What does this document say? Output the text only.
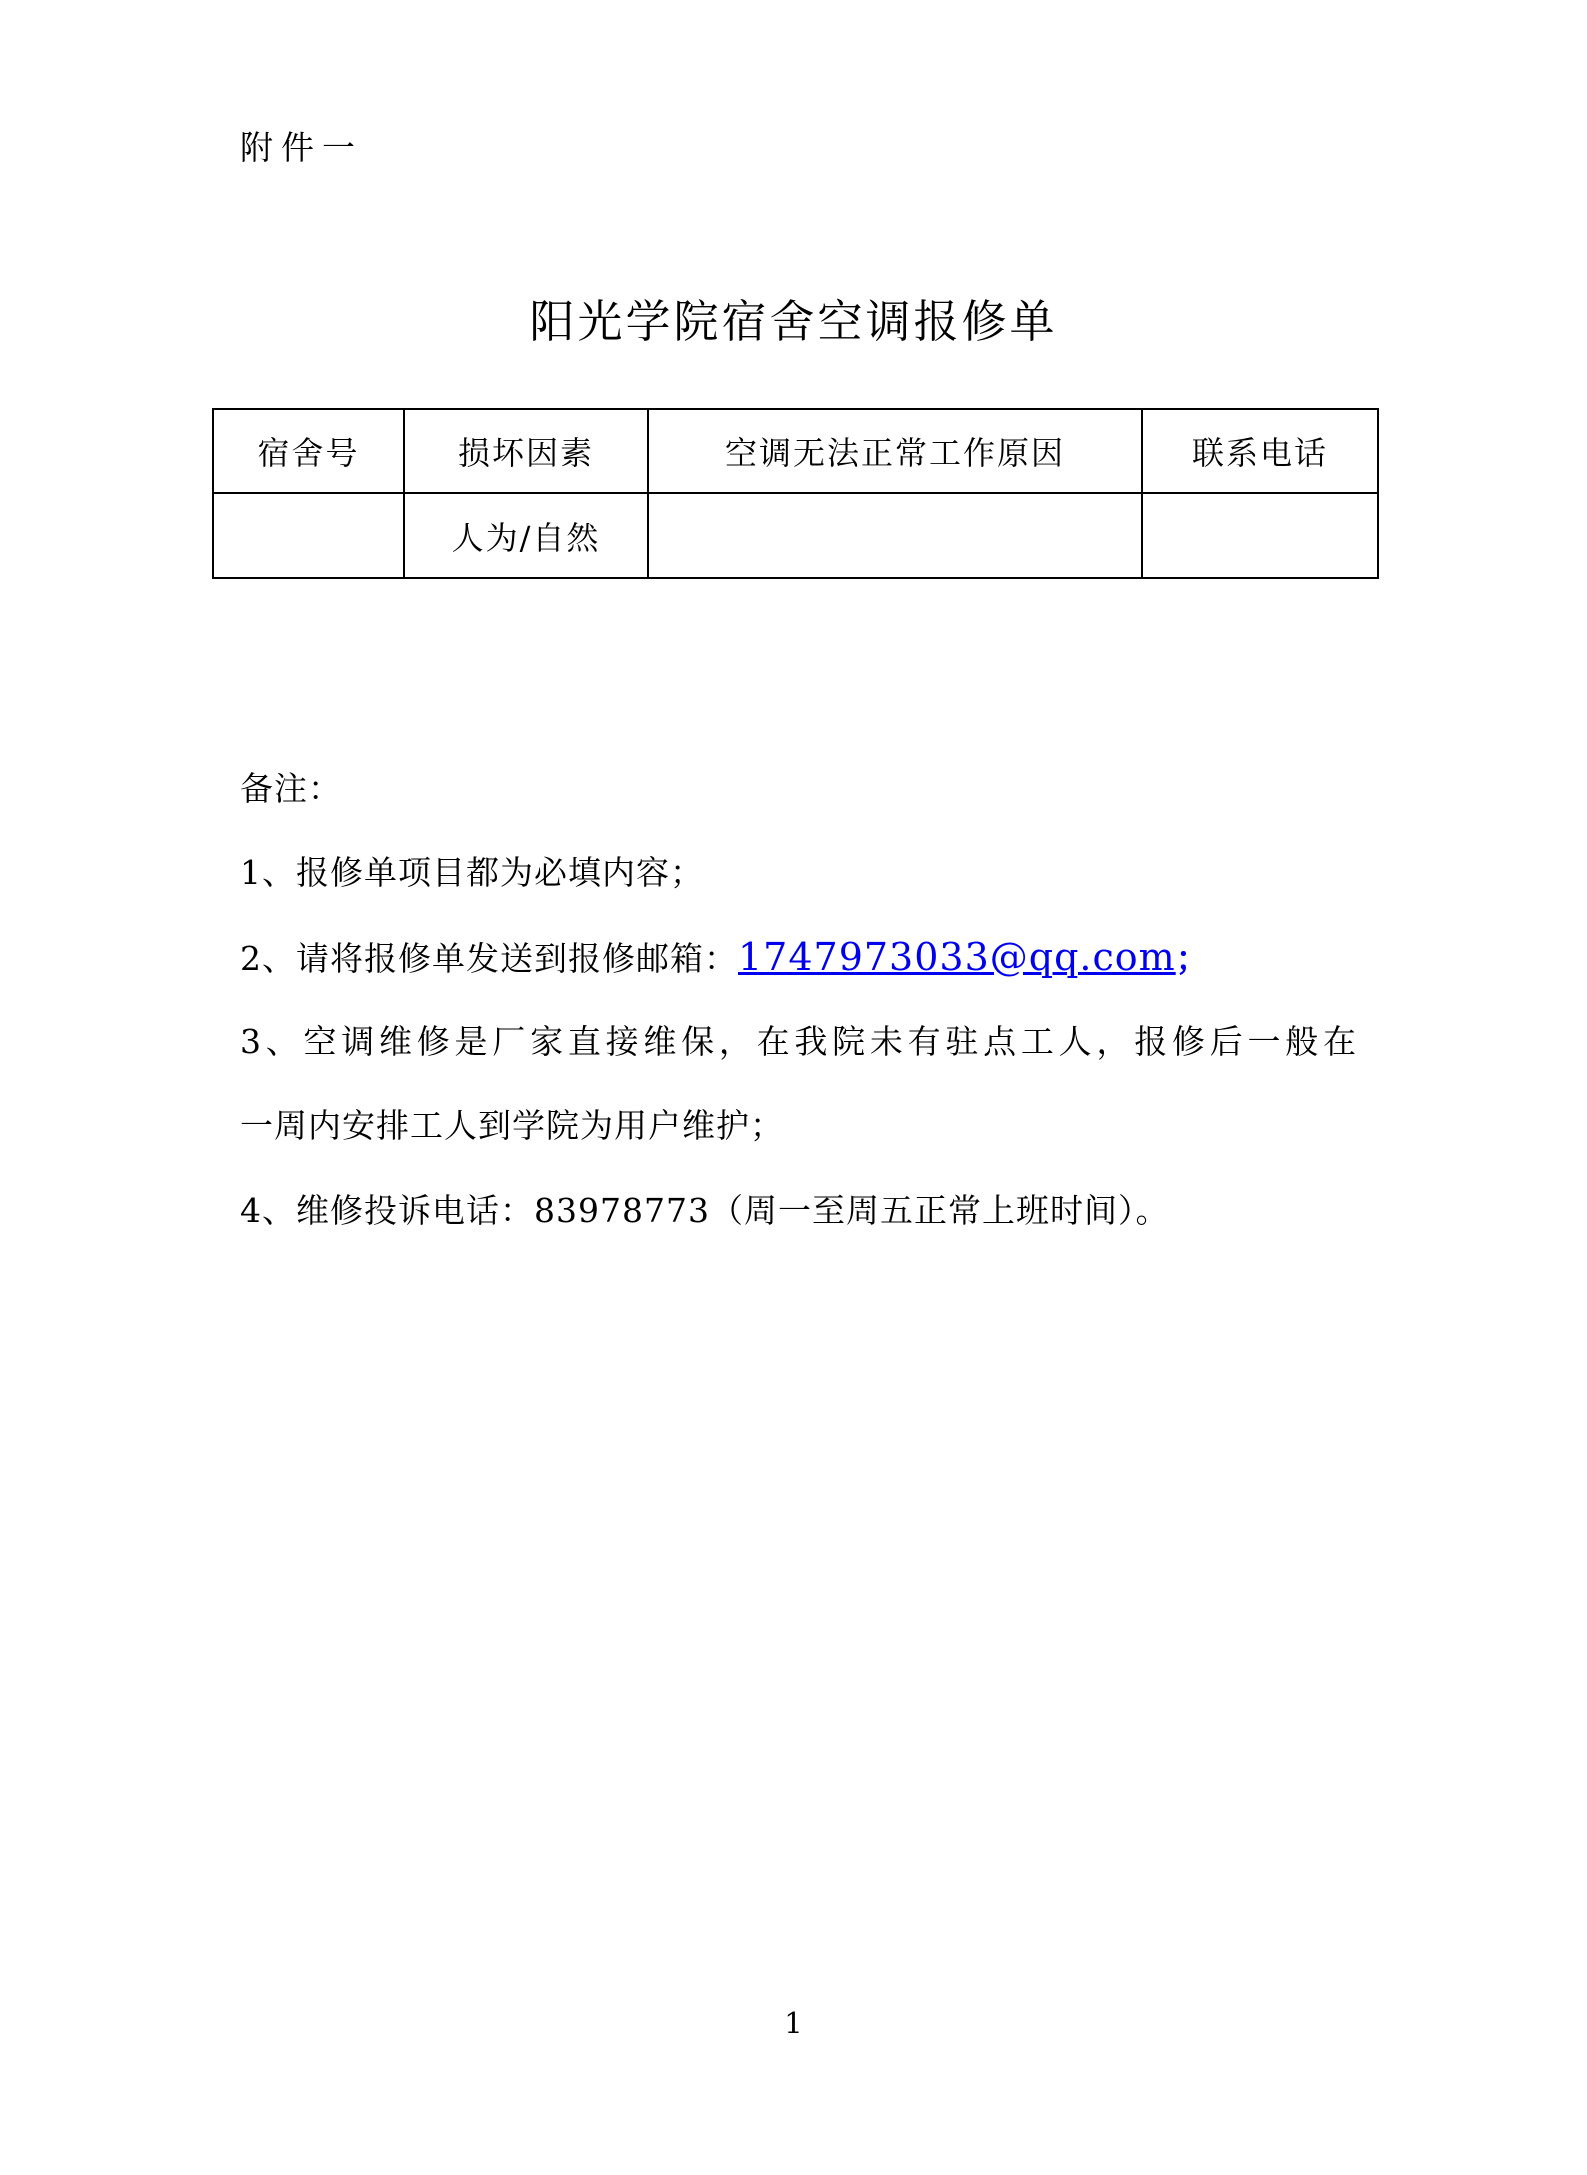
附件一
阳光学院宿舍空调报修单
宿舍号	损坏因素	空调无法正常工作原因	联系电话
	人为/自然		
备注：
1、报修单项目都为必填内容；
2、请将报修单发送到报修邮箱：1747973033@qq.com；
3、空调维修是厂家直接维保，在我院未有驻点工人，报修后一般在
一周内安排工人到学院为用户维护；
4、维修投诉电话：83978773（周一至周五正常上班时间）。
1
